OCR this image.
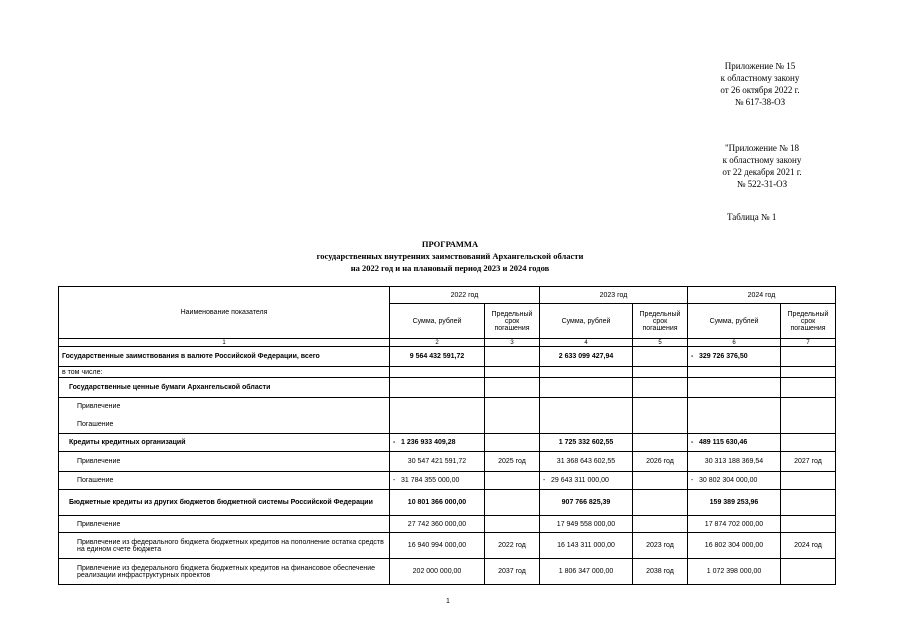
Приложение № 15
к областному закону
от 26 октября 2022 г.
№ 617-38-ОЗ
"Приложение № 18
к областному закону
от 22 декабря 2021 г.
№ 522-31-ОЗ
Таблица № 1
ПРОГРАММА
государственных внутренних заимствований Архангельской области
на 2022 год и на плановый период 2023 и 2024 годов
Наименование показателя	2022 год		2023 год		2024 год	
	Сумма, рублей	Предельный срок погашения	Сумма, рублей	Предельный срок погашения	Сумма, рублей	Предельный срок погашения
1	2	3	4	5	6	7
Государственные заимствования в валюте Российской Федерации, всего	9 564 432 591,72		2 633 099 427,94		- 329 726 376,50	
в том числе:						
Государственные ценные бумаги Архангельской области						
Привлечение						
Погашение						
Кредиты кредитных организаций	- 1 236 933 409,28		1 725 332 602,55		- 489 115 630,46	
Привлечение	30 547 421 591,72	2025 год	31 368 643 602,55	2026 год	30 313 188 369,54	2027 год
Погашение	- 31 784 355 000,00		- 29 643 311 000,00		- 30 802 304 000,00	
Бюджетные кредиты из других бюджетов бюджетной системы Российской Федерации	10 801 366 000,00		907 766 825,39		159 389 253,96	
Привлечение	27 742 360 000,00		17 949 558 000,00		17 874 702 000,00	
Привлечение из федерального бюджета бюджетных кредитов на пополнение остатка средств на едином счете бюджета	16 940 994 000,00	2022 год	16 143 311 000,00	2023 год	16 802 304 000,00	2024 год
Привлечение из федерального бюджета бюджетных кредитов на финансовое обеспечение реализации инфраструктурных проектов	202 000 000,00	2037 год	1 806 347 000,00	2038 год	1 072 398 000,00	
1
